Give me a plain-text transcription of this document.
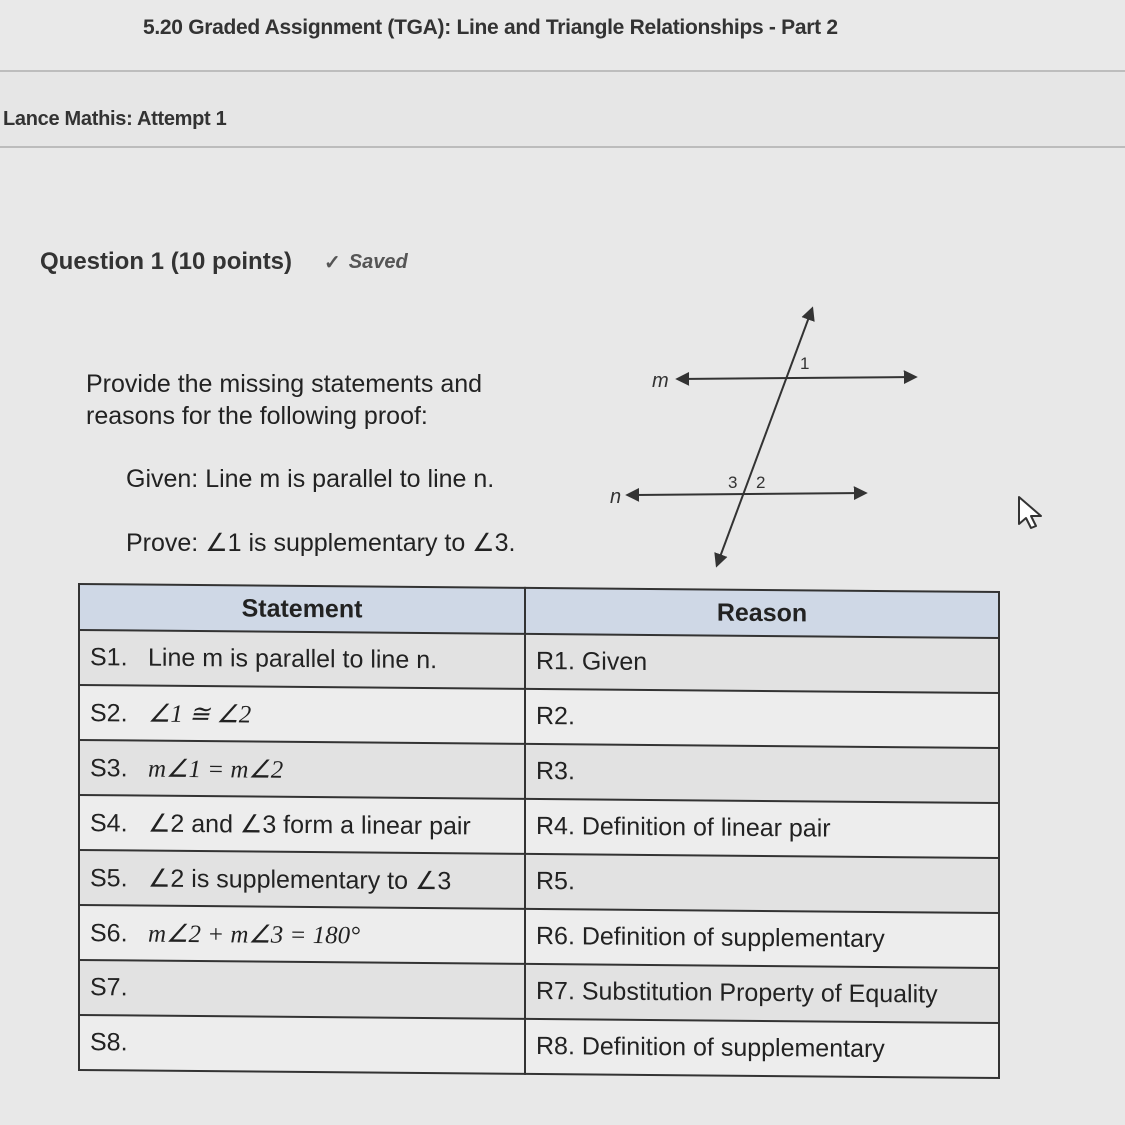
5.20 Graded Assignment (TGA): Line and Triangle Relationships - Part 2
Lance Mathis: Attempt 1
Question 1 (10 points) ✓ Saved
Provide the missing statements and reasons for the following proof:
Given: Line m is parallel to line n.
Prove: ∠1 is supplementary to ∠3.
m
n
1
3 2
Statement	Reason
S1. Line m is parallel to line n.	R1. Given
S2. ∠1 ≅ ∠2	R2.
S3. m∠1 = m∠2	R3.
S4. ∠2 and ∠3 form a linear pair	R4. Definition of linear pair
S5. ∠2 is supplementary to ∠3	R5.
S6. m∠2 + m∠3 = 180°	R6. Definition of supplementary
S7.	R7. Substitution Property of Equality
S8.	R8. Definition of supplementary
